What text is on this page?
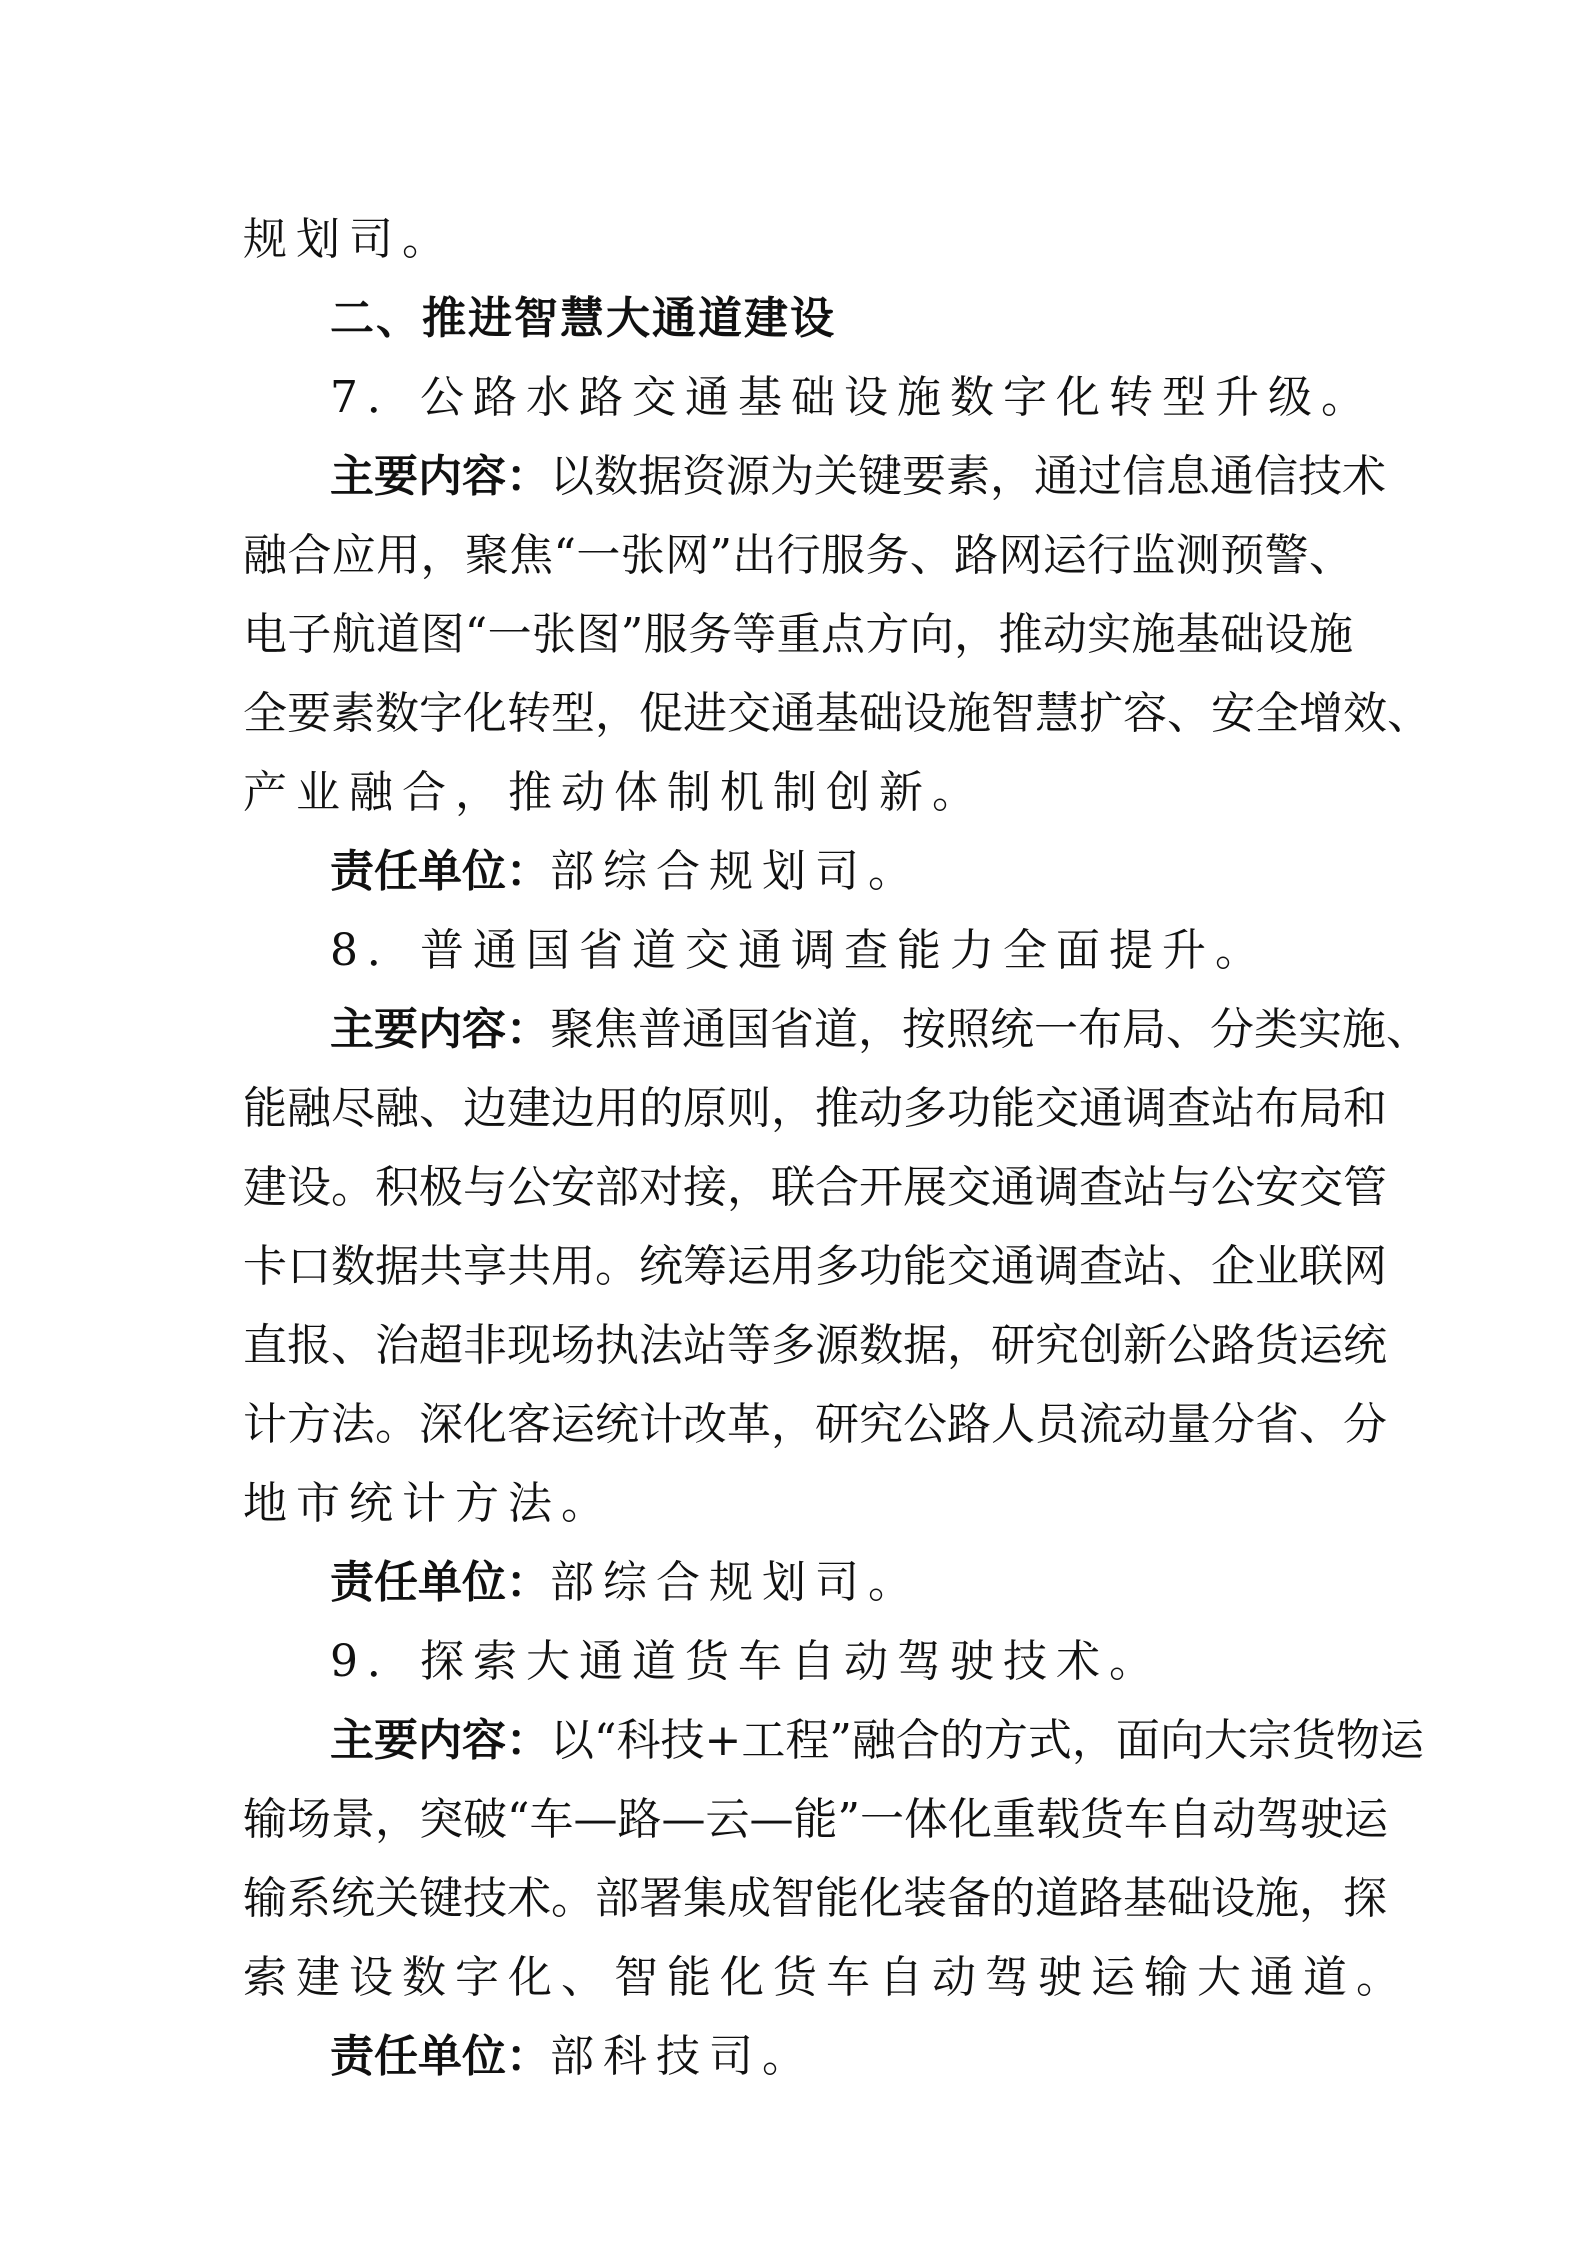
规划司。
二、推进智慧大通道建设
7．公路水路交通基础设施数字化转型升级。
主要内容：以数据资源为关键要素，通过信息通信技术
融合应用，聚焦“一张网”出行服务、路网运行监测预警、
电子航道图“一张图”服务等重点方向，推动实施基础设施
全要素数字化转型，促进交通基础设施智慧扩容、安全增效、
产业融合，推动体制机制创新。
责任单位：部综合规划司。
8．普通国省道交通调查能力全面提升。
主要内容：聚焦普通国省道，按照统一布局、分类实施、
能融尽融、边建边用的原则，推动多功能交通调查站布局和
建设。积极与公安部对接，联合开展交通调查站与公安交管
卡口数据共享共用。统筹运用多功能交通调查站、企业联网
直报、治超非现场执法站等多源数据，研究创新公路货运统
计方法。深化客运统计改革，研究公路人员流动量分省、分
地市统计方法。
责任单位：部综合规划司。
9．探索大通道货车自动驾驶技术。
主要内容：以“科技+工程”融合的方式，面向大宗货物运
输场景，突破“车—路—云—能”一体化重载货车自动驾驶运
输系统关键技术。部署集成智能化装备的道路基础设施，探
索建设数字化、智能化货车自动驾驶运输大通道。
责任单位：部科技司。
